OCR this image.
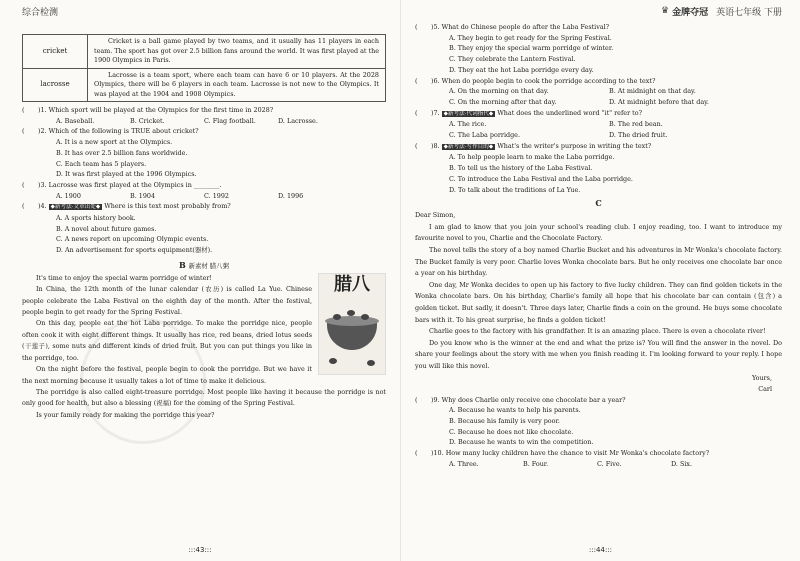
综合检测
cricket	Cricket is a ball game played by two teams, and it usually has 11 players in each team. The sport has got over 2.5 billion fans around the world. It was first played at the 1900 Olympics in Paris.
lacrosse	Lacrosse is a team sport, where each team can have 6 or 10 players. At the 2028 Olympics, there will be 6 players in each team. Lacrosse is not new to the Olympics. It was played at the 1904 and 1908 Olympics.
( )1. Which sport will be played at the Olympics for the first time in 2028?
A. Baseball.	B. Cricket.	C. Flag football.	D. Lacrosse.
( )2. Which of the following is TRUE about cricket?
A. It is a new sport at the Olympics.
B. It has over 2.5 billion fans worldwide.
C. Each team has 5 players.
D. It was first played at the 1996 Olympics.
( )3. Lacrosse was first played at the Olympics in ________.
A. 1900	B. 1904	C. 1992	D. 1996
( )4. ◆新考法·文章出处◆ Where is this text most probably from?
A. A sports history book.
B. A novel about future games.
C. A news report on upcoming Olympic events.
D. An advertisement for sports equipment(器材).
B 新素材 腊八粥
腊八
It's time to enjoy the special warm porridge of winter!
In China, the 12th month of the lunar calendar (农历) is called La Yue. Chinese people celebrate the Laba Festival on the eighth day of the month. After the festival, people begin to get ready for the Spring Festival.
On this day, people eat the hot Laba porridge. To make the porridge nice, people often cook it with eight different things. It usually has rice, red beans, dried lotus seeds (干莲子), some nuts and different kinds of dried fruit. But you can put things you like in the porridge, too.
On the night before the festival, people begin to cook the porridge. But we have it the next morning because it usually takes a lot of time to make it delicious.
The porridge is also called eight-treasure porridge. Most people like having it because the porridge is not only good for health, but also a blessing (祝福) for the coming of the Spring Festival.
Is your family ready for making the porridge this year?
:::43:::
♛ 金牌夺冠 英语七年级 下册
( )5. What do Chinese people do after the Laba Festival?
A. They begin to get ready for the Spring Festival.
B. They enjoy the special warm porridge of winter.
C. They celebrate the Lantern Festival.
D. They eat the hot Laba porridge every day.
( )6. When do people begin to cook the porridge according to the text?
A. On the morning on that day.	B. At midnight on that day.
C. On the morning after that day.	D. At midnight before that day.
( )7. ◆新考法·代词指代◆ What does the underlined word "it" refer to?
A. The rice.	B. The red bean.
C. The Laba porridge.	D. The dried fruit.
( )8. ◆新考法·写作目的◆ What's the writer's purpose in writing the text?
A. To help people learn to make the Laba porridge.
B. To tell us the history of the Laba Festival.
C. To introduce the Laba Festival and the Laba porridge.
D. To talk about the traditions of La Yue.
C
Dear Simon,
I am glad to know that you join your school's reading club. I enjoy reading, too. I want to introduce my favourite novel to you, Charlie and the Chocolate Factory.
The novel tells the story of a boy named Charlie Bucket and his adventures in Mr Wonka's chocolate factory. The Bucket family is very poor. Charlie loves Wonka chocolate bars. But he only receives one chocolate bar once a year on his birthday.
One day, Mr Wonka decides to open up his factory to five lucky children. They can find golden tickets in the Wonka chocolate bars. On his birthday, Charlie's family all hope that his chocolate bar can contain (包含) a golden ticket. But sadly, it doesn't. Three days later, Charlie finds a coin on the ground. He buys some chocolate bars with it. To his great surprise, he finds a golden ticket!
Charlie goes to the factory with his grandfather. It is an amazing place. There is even a chocolate river!
Do you know who is the winner at the end and what the prize is? You will find the answer in the novel. Do share your feelings about the story with me when you finish reading it. I'm looking forward to your reply. I hope you will like this novel.
Yours,
Carl
( )9. Why does Charlie only receive one chocolate bar a year?
A. Because he wants to help his parents.
B. Because his family is very poor.
C. Because he does not like chocolate.
D. Because he wants to win the competition.
( )10. How many lucky children have the chance to visit Mr Wonka's chocolate factory?
A. Three.	B. Four.	C. Five.	D. Six.
:::44:::
